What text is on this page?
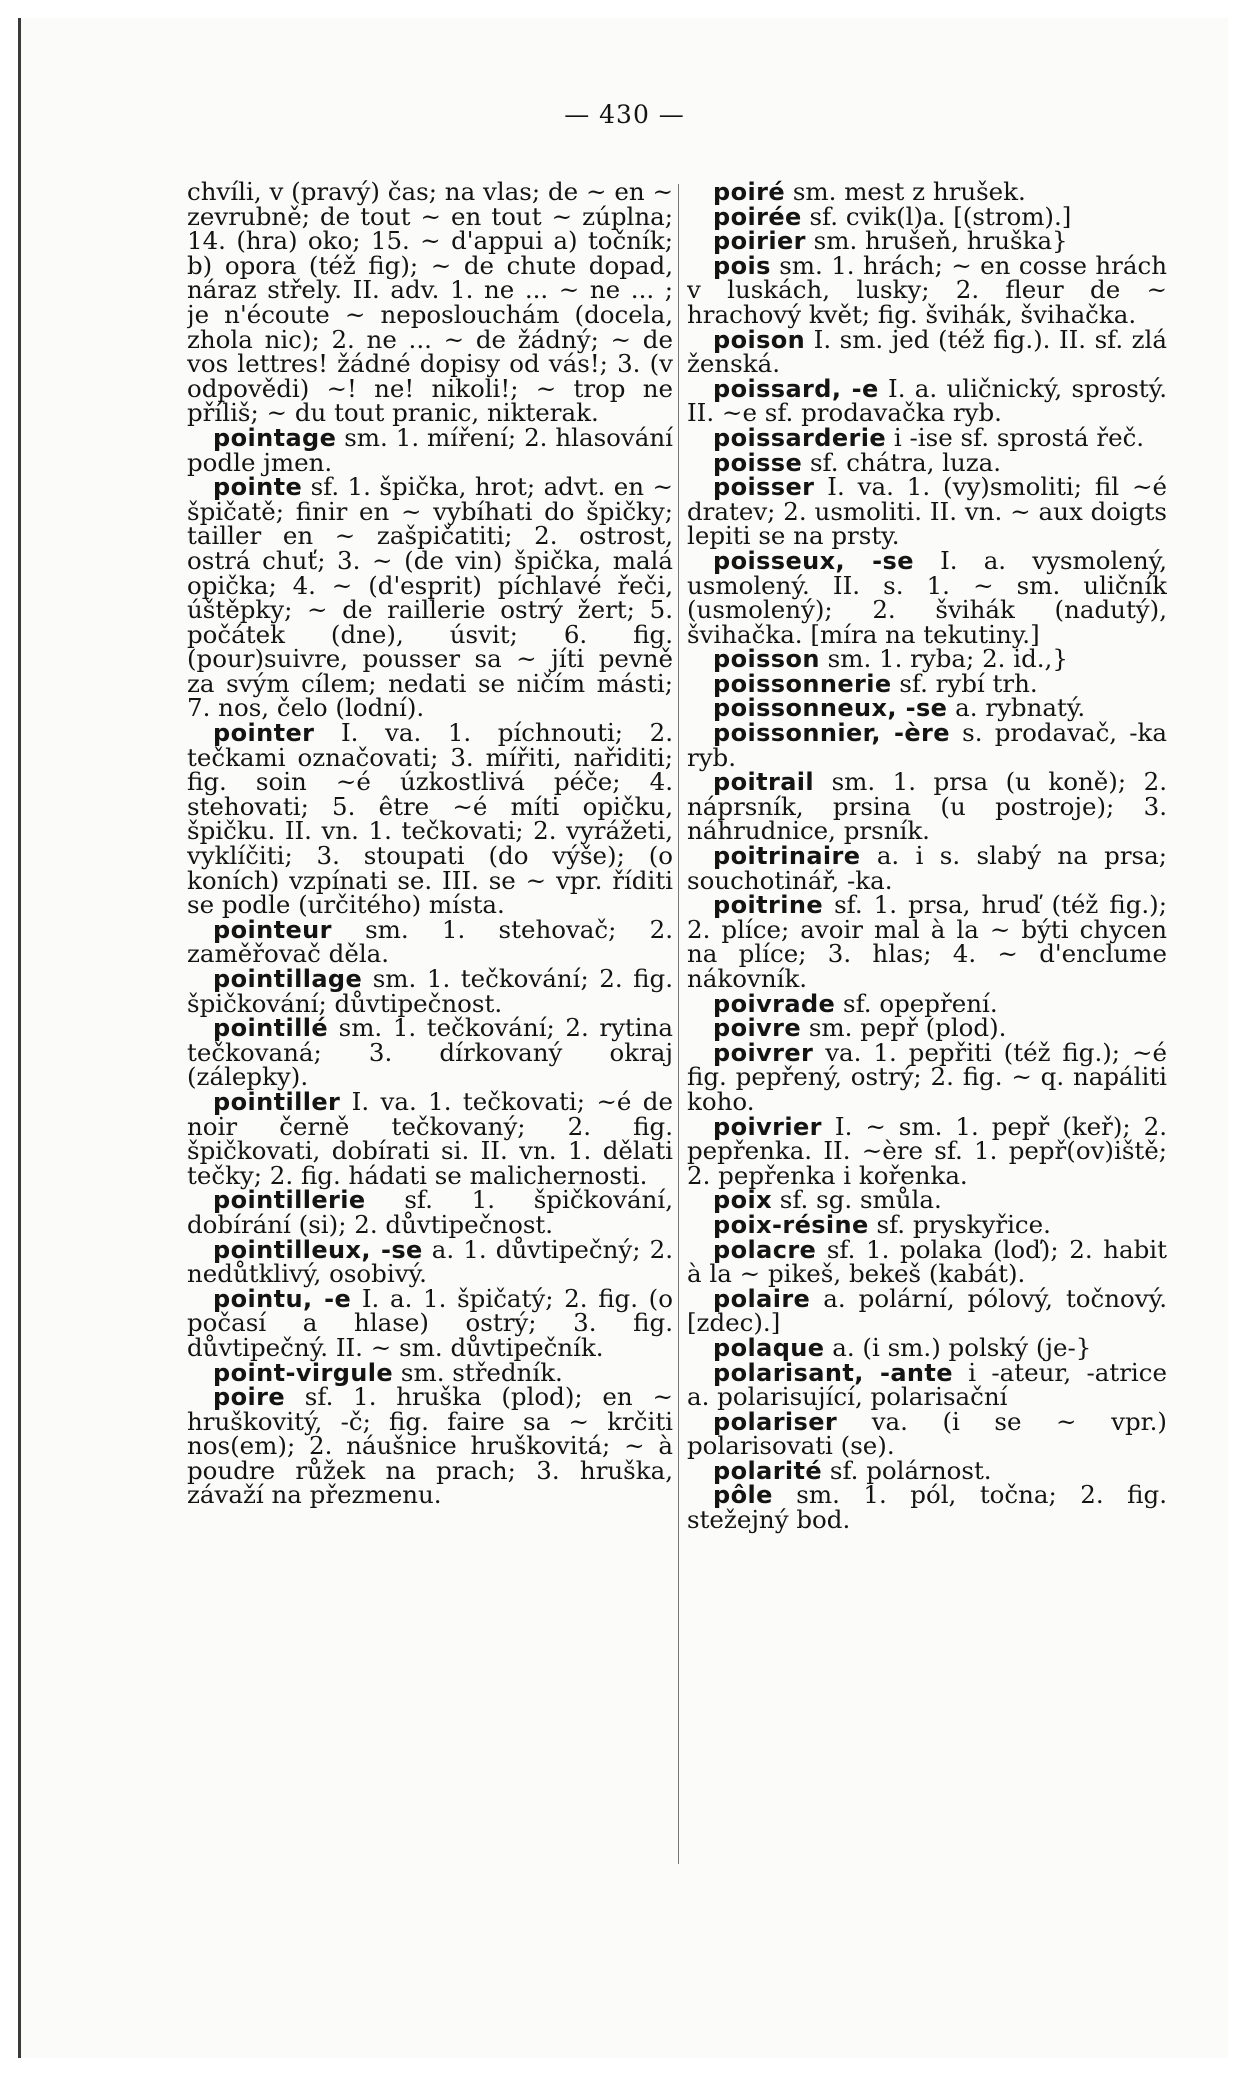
— 430 —

chvíli, v (pravý) čas; na vlas; de ~ en ~ zevrubně; de tout ~ en tout ~ zúplna; 14. (hra) oko; 15. ~ d'appui a) točník; b) opora (též fig); ~ de chute dopad, náraz střely. II. adv. 1. ne ... ~ ne ... ; je n'écoute ~ neposlouchám (docela, zhola nic); 2. ne ... ~ de žádný; ~ de vos lettres! žádné dopisy od vás!; 3. (v odpovědi) ~! ne! nikoli!; ~ trop ne příliš; ~ du tout pranic, nikterak.

pointage sm. 1. míření; 2. hlasování podle jmen.

pointe sf. 1. špička, hrot; advt. en ~ špičatě; finir en ~ vybíhati do špičky; tailler en ~ zašpičatiti; 2. ostrost, ostrá chuť; 3. ~ (de vin) špička, malá opička; 4. ~ (d'esprit) píchlavé řeči, úštěpky; ~ de raillerie ostrý žert; 5. počátek (dne), úsvit; 6. fig. (pour)suivre, pousser sa ~ jíti pevně za svým cílem; nedati se ničím másti; 7. nos, čelo (lodní).

pointer I. va. 1. píchnouti; 2. tečkami označovati; 3. mířiti, nařiditi; fig. soin ~é úzkostlivá péče; 4. stehovati; 5. être ~é míti opičku, špičku. II. vn. 1. tečkovati; 2. vyrážeti, vyklíčiti; 3. stoupati (do výše); (o koních) vzpínati se. III. se ~ vpr. říditi se podle (určitého) místa.

pointeur sm. 1. stehovač; 2. zaměřovač děla.

pointillage sm. 1. tečkování; 2. fig. špičkování; důvtipečnost.

pointillé sm. 1. tečkování; 2. rytina tečkovaná; 3. dírkovaný okraj (zálepky).

pointiller I. va. 1. tečkovati; ~é de noir černě tečkovaný; 2. fig. špičkovati, dobírati si. II. vn. 1. dělati tečky; 2. fig. hádati se malichernosti.

pointillerie sf. 1. špičkování, dobírání (si); 2. důvtipečnost.

pointilleux, -se a. 1. důvtipečný; 2. nedůtklivý, osobivý.

pointu, -e I. a. 1. špičatý; 2. fig. (o počasí a hlase) ostrý; 3. fig. důvtipečný. II. ~ sm. důvtipečník.

point-virgule sm. středník.

poire sf. 1. hruška (plod); en ~ hruškovitý, -č; fig. faire sa ~ krčiti nos(em); 2. náušnice hruškovitá; ~ à poudre růžek na prach; 3. hruška, závaží na přezmenu.

poiré sm. mest z hrušek.

poirée sf. cvik(l)a. [(strom).]

poirier sm. hrušeň, hruška}

pois sm. 1. hrách; ~ en cosse hrách v luskách, lusky; 2. fleur de ~ hrachový květ; fig. švihák, švihačka.

poison I. sm. jed (též fig.). II. sf. zlá ženská.

poissard, -e I. a. uličnický, sprostý. II. ~e sf. prodavačka ryb.

poissarderie i -ise sf. sprostá řeč.

poisse sf. chátra, luza.

poisser I. va. 1. (vy)smoliti; fil ~é dratev; 2. usmoliti. II. vn. ~ aux doigts lepiti se na prsty.

poisseux, -se I. a. vysmolený, usmolený. II. s. 1. ~ sm. uličník (usmolený); 2. švihák (nadutý), švihačka. [míra na tekutiny.]

poisson sm. 1. ryba; 2. id.,}

poissonnerie sf. rybí trh.

poissonneux, -se a. rybnatý.

poissonnier, -ère s. prodavač, -ka ryb.

poitrail sm. 1. prsa (u koně); 2. náprsník, prsina (u postroje); 3. náhrudnice, prsník.

poitrinaire a. i s. slabý na prsa; souchotinář, -ka.

poitrine sf. 1. prsa, hruď (též fig.); 2. plíce; avoir mal à la ~ býti chycen na plíce; 3. hlas; 4. ~ d'enclume nákovník.

poivrade sf. opepření.

poivre sm. pepř (plod).

poivrer va. 1. pepřiti (též fig.); ~é fig. pepřený, ostrý; 2. fig. ~ q. napáliti koho.

poivrier I. ~ sm. 1. pepř (keř); 2. pepřenka. II. ~ère sf. 1. pepř(ov)iště; 2. pepřenka i kořenka.

poix sf. sg. smůla.

poix-résine sf. pryskyřice.

polacre sf. 1. polaka (loď); 2. habit à la ~ pikeš, bekeš (kabát).

polaire a. polární, pólový, točnový. [zdec).]

polaque a. (i sm.) polský (je-}

polarisant, -ante i -ateur, -atrice a. polarisující, polarisační

polariser va. (i se ~ vpr.) polarisovati (se).

polarité sf. polárnost.

pôle sm. 1. pól, točna; 2. fig. stežejný bod.
